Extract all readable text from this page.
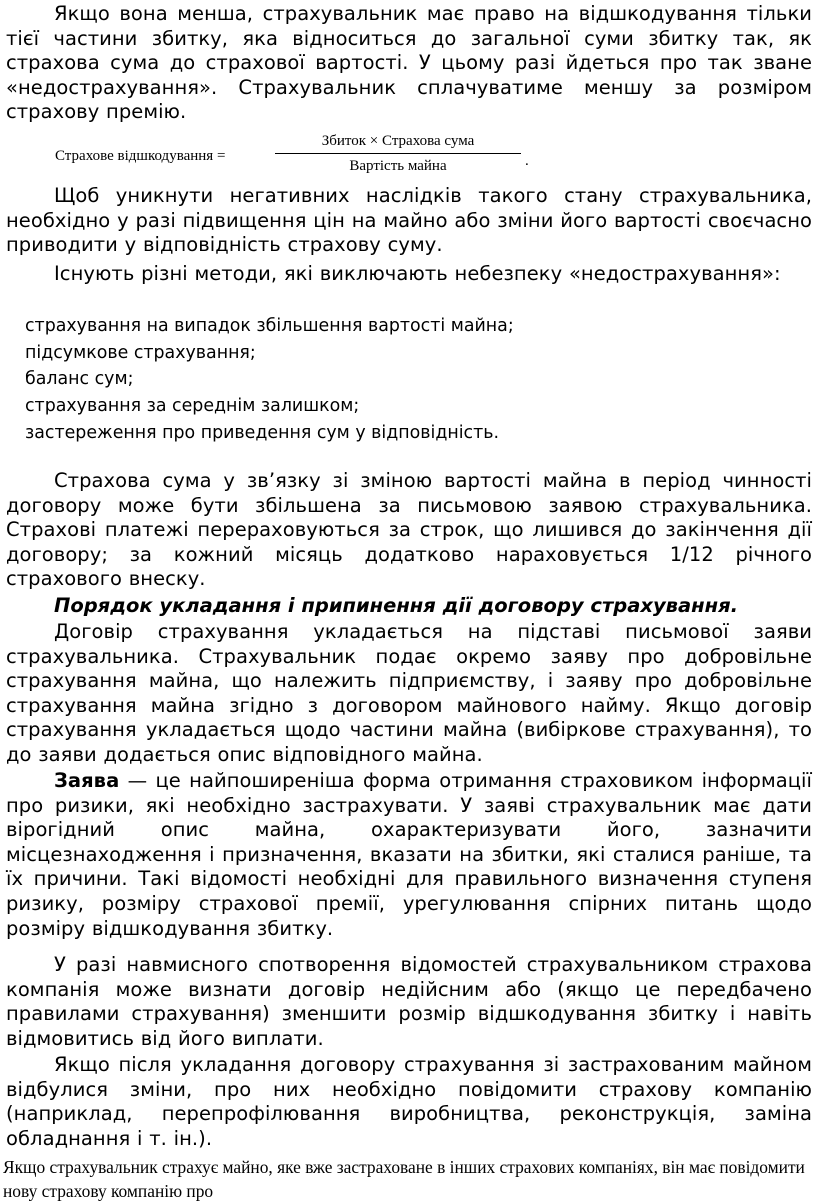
Якщо вона менша, страхувальник має право на відшкодування тільки тієї частини збитку, яка відноситься до загальної суми збитку так, як страхова сума до страхової вартості. У цьому разі йдеться про так зване «недострахування». Страхувальник сплачуватиме меншу за розміром страхову премію.

Страхове відшкодування =
Збиток × Страхова сума
Вартість майна	.

Щоб уникнути негативних наслідків такого стану страхувальника, необхідно у разі підвищення цін на майно або зміни його вартості своєчасно приводити у відповідність страхову суму.

Існують різні методи, які виключають небезпеку «недострахування»:

страхування на випадок збільшення вартості майна;
підсумкове страхування;
баланс сум;
страхування за середнім залишком;
застереження про приведення сум у відповідність.

Страхова сума у зв’язку зі зміною вартості майна в період чинності договору може бути збільшена за письмовою заявою страхувальника. Страхові платежі перераховуються за строк, що лишився до закінчення дії договору; за кожний місяць додатково нараховується 1/12 річного страхового внеску.

Порядок укладання і припинення дії договору страхування.

Договір страхування укладається на підставі письмової заяви страхувальника. Страхувальник подає окремо заяву про добровільне страхування майна, що належить підприємству, і заяву про добровільне страхування майна згідно з договором майнового найму. Якщо договір страхування укладається щодо частини майна (вибіркове страхування), то до заяви додається опис відповідного майна.

Заява — це найпоширеніша форма отримання страховиком інформації про ризики, які необхідно застрахувати. У заяві страхувальник має дати вірогідний опис майна, охарактеризувати його, зазначити місцезнаходження і призначення, вказати на збитки, які сталися раніше, та їх причини. Такі відомості необхідні для правильного визначення ступеня ризику, розміру страхової премії, урегулювання спірних питань щодо розміру відшкодування збитку.

У разі навмисного спотворення відомостей страхувальником страхова компанія може визнати договір недійсним або (якщо це передбачено правилами страхування) зменшити розмір відшкодування збитку і навіть відмовитись від його виплати.

Якщо після укладання договору страхування зі застрахованим майном відбулися зміни, про них необхідно повідомити страхову компанію (наприклад, перепрофілювання виробництва, реконструкція, заміна обладнання і т. ін.).

Якщо страхувальник страхує майно, яке вже застраховане в інших страхових компаніях, він має повідомити нову страхову компанію про
